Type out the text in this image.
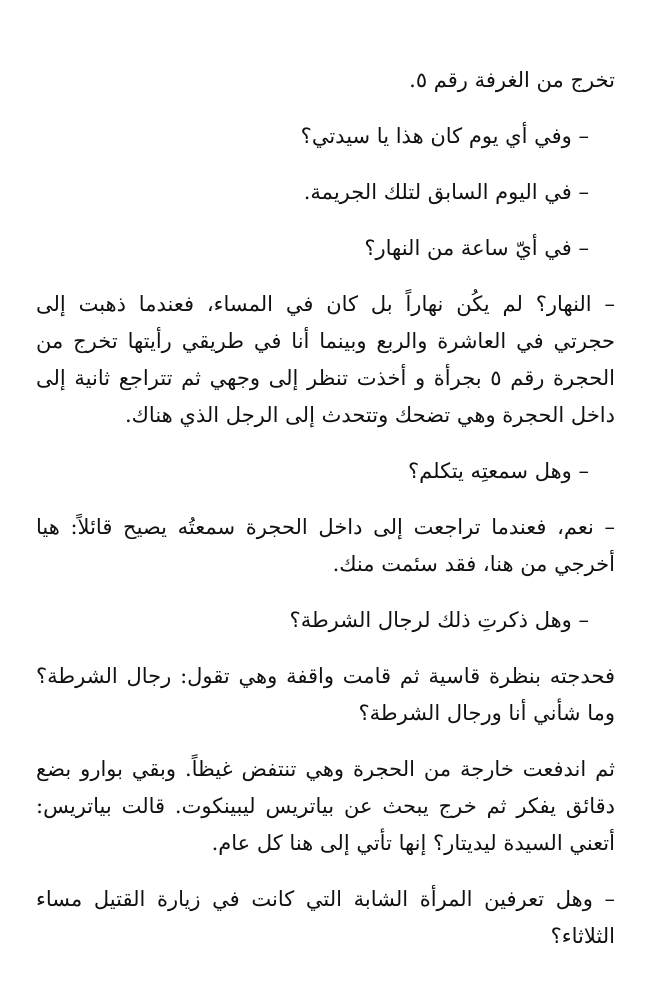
تخرج من الغرفة رقم ٥.

– وفي أي يوم كان هذا يا سيدتي؟

– في اليوم السابق لتلك الجريمة.

– في أيّ ساعة من النهار؟

– النهار؟ لم يكُن نهاراً بل كان في المساء، فعندما ذهبت إلى حجرتي في العاشرة والربع وبينما أنا في طريقي رأيتها تخرج من الحجرة رقم ٥ بجرأة و أخذت تنظر إلى وجهي ثم تتراجع ثانية إلى داخل الحجرة وهي تضحك وتتحدث إلى الرجل الذي هناك.

– وهل سمعتِه يتكلم؟

– نعم، فعندما تراجعت إلى داخل الحجرة سمعتُه يصيح قائلاً: هيا أخرجي من هنا، فقد سئمت منك.

– وهل ذكرتِ ذلك لرجال الشرطة؟

فحدجته بنظرة قاسية ثم قامت واقفة وهي تقول: رجال الشرطة؟ وما شأني أنا ورجال الشرطة؟

ثم اندفعت خارجة من الحجرة وهي تنتفض غيظاً. وبقي بوارو بضع دقائق يفكر ثم خرج يبحث عن بياتريس ليبينكوت. قالت بياتريس: أتعني السيدة ليديتار؟ إنها تأتي إلى هنا كل عام.

– وهل تعرفين المرأة الشابة التي كانت في زيارة القتيل مساء الثلاثاء؟
